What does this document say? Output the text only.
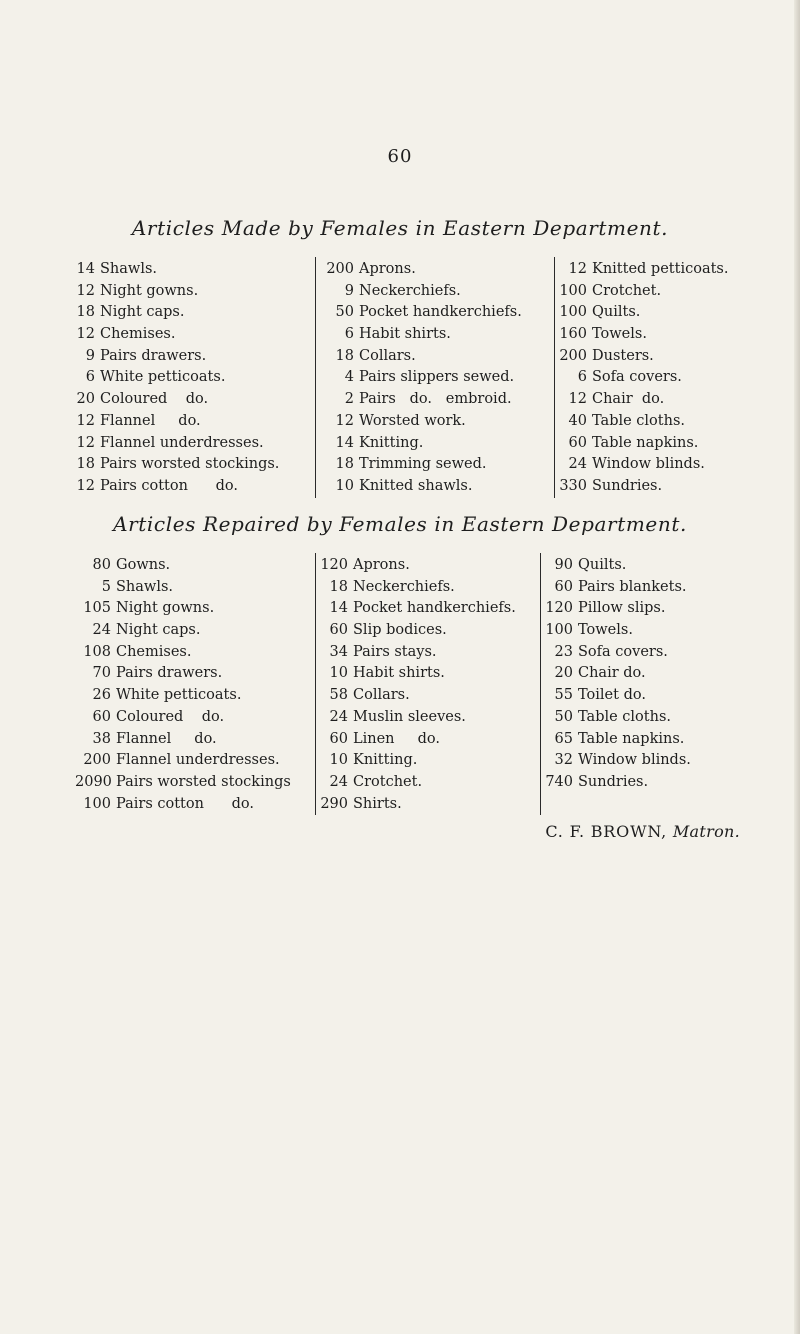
60
Articles Made by Females in Eastern Department.
14 Shawls.
12 Night gowns.
18 Night caps.
12 Chemises.
9 Pairs drawers.
6 White petticoats.
20 Coloured    do.
12 Flannel     do.
12 Flannel underdresses.
18 Pairs worsted stockings.
12 Pairs cotton      do.
200 Aprons.
9 Neckerchiefs.
50 Pocket handkerchiefs.
6 Habit shirts.
18 Collars.
4 Pairs slippers sewed.
2 Pairs   do.   embroid.
12 Worsted work.
14 Knitting.
18 Trimming sewed.
10 Knitted shawls.
12 Knitted petticoats.
100 Crotchet.
100 Quilts.
160 Towels.
200 Dusters.
6 Sofa covers.
12 Chair  do.
40 Table cloths.
60 Table napkins.
24 Window blinds.
330 Sundries.
Articles Repaired by Females in Eastern Department.
80 Gowns.
5 Shawls.
105 Night gowns.
24 Night caps.
108 Chemises.
70 Pairs drawers.
26 White petticoats.
60 Coloured    do.
38 Flannel     do.
200 Flannel underdresses.
2090 Pairs worsted stockings
100 Pairs cotton      do.
120 Aprons.
18 Neckerchiefs.
14 Pocket handkerchiefs.
60 Slip bodices.
34 Pairs stays.
10 Habit shirts.
58 Collars.
24 Muslin sleeves.
60 Linen     do.
10 Knitting.
24 Crotchet.
290 Shirts.
90 Quilts.
60 Pairs blankets.
120 Pillow slips.
100 Towels.
23 Sofa covers.
20 Chair do.
55 Toilet do.
50 Table cloths.
65 Table napkins.
32 Window blinds.
740 Sundries.
C. F. BROWN, Matron.
